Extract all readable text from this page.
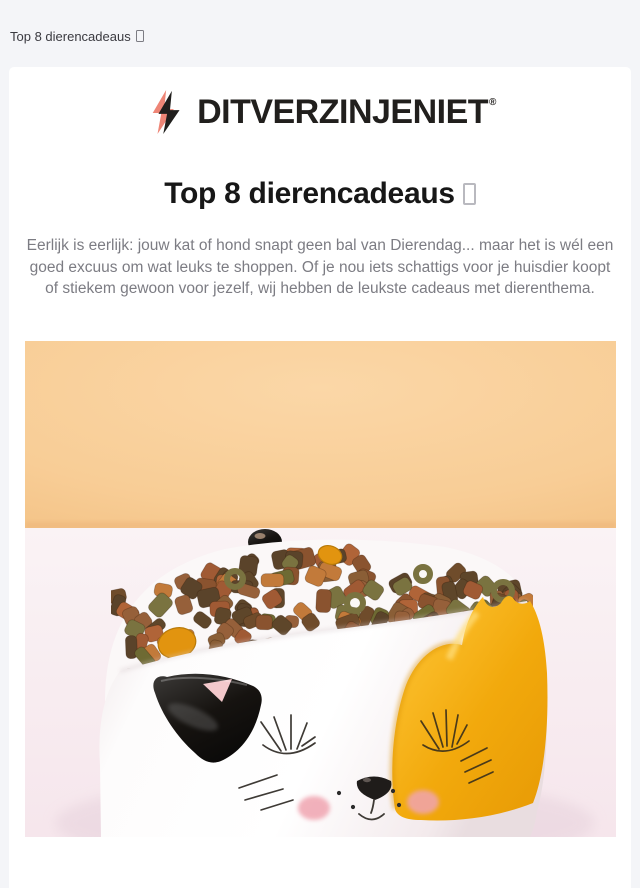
Top 8 dierencadeaus
DITVERZINJENIET®
Top 8 dierencadeaus

Eerlijk is eerlijk: jouw kat of hond snapt geen bal van Dierendag... maar het is wél een goed excuus om wat leuks te shoppen. Of je nou iets schattigs voor je huisdier koopt of stiekem gewoon voor jezelf, wij hebben de leukste cadeaus met dierenthema.
